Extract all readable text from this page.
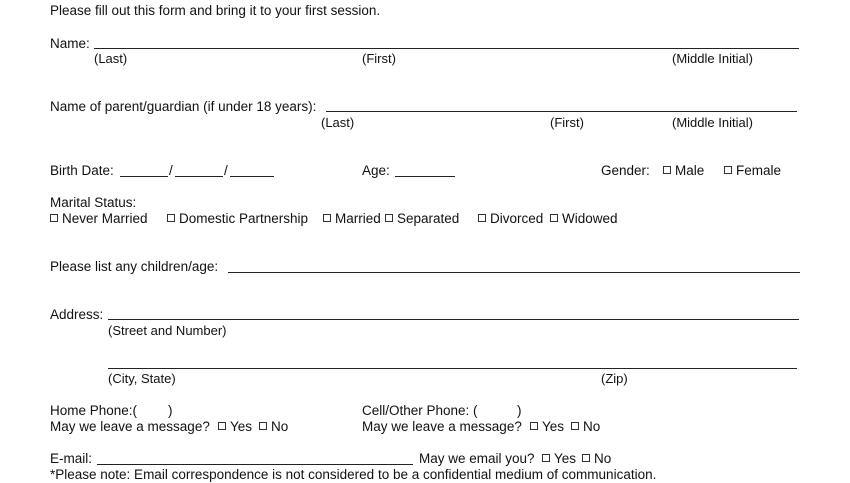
Please fill out this form and bring it to your first session.
Name:
(Last)	(First)	(Middle Initial)
Name of parent/guardian (if under 18 years):
(Last)	(First)	(Middle Initial)
Birth Date:	/	/	Age:	Gender:	Male	Female
Marital Status:
Never Married	Domestic Partnership	Married	Separated	Divorced	Widowed
Please list any children/age:
Address:
(Street and Number)
(City, State)	(Zip)
Home Phone:( )
May we leave a message?	Yes	No
Cell/Other Phone: (	)
May we leave a message?	Yes	No
E-mail:	May we email you?	Yes	No
*Please note: Email correspondence is not considered to be a confidential medium of communication.
